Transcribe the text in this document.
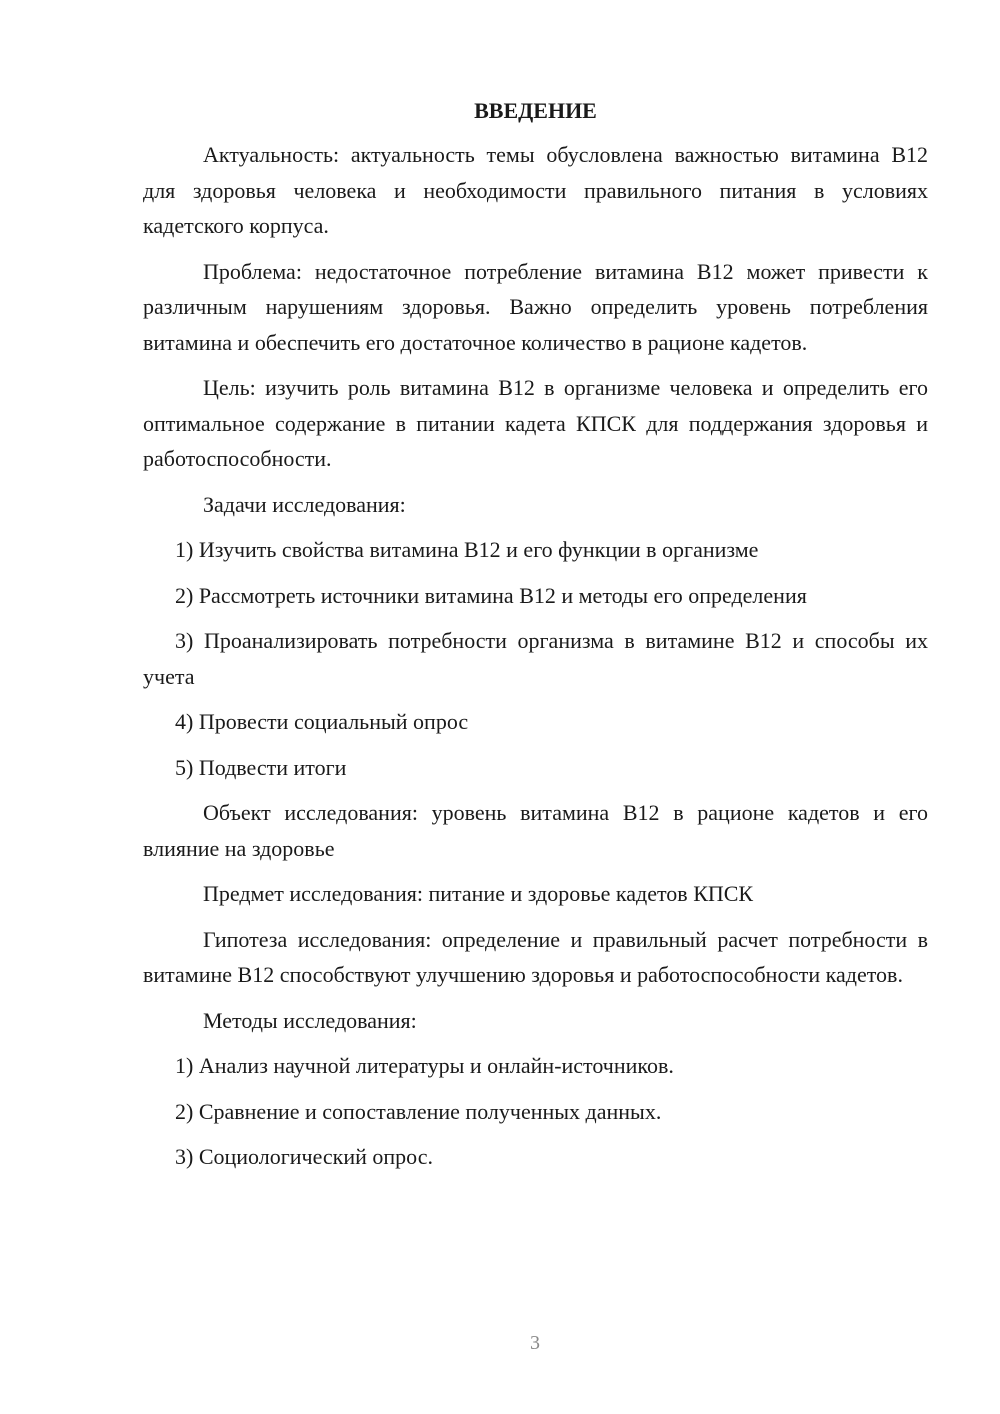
ВВЕДЕНИЕ

Актуальность: актуальность темы обусловлена важностью витамина В12 для здоровья человека и необходимости правильного питания в условиях кадетского корпуса.

Проблема: недостаточное потребление витамина В12 может привести к различным нарушениям здоровья. Важно определить уровень потребления витамина и обеспечить его достаточное количество в рационе кадетов.

Цель: изучить роль витамина В12 в организме человека и определить его оптимальное содержание в питании кадета КПСК для поддержания здоровья и работоспособности.

Задачи исследования:

1) Изучить свойства витамина В12 и его функции в организме

2) Рассмотреть источники витамина В12 и методы его определения

3) Проанализировать потребности организма в витамине В12 и способы их учета

4) Провести социальный опрос

5) Подвести итоги

Объект исследования: уровень витамина В12 в рационе кадетов и его влияние на здоровье

Предмет исследования: питание и здоровье кадетов КПСК

Гипотеза исследования: определение и правильный расчет потребности в витамине В12 способствуют улучшению здоровья и работоспособности кадетов.

Методы исследования:

1) Анализ научной литературы и онлайн-источников.

2) Сравнение и сопоставление полученных данных.

3) Социологический опрос.

3
